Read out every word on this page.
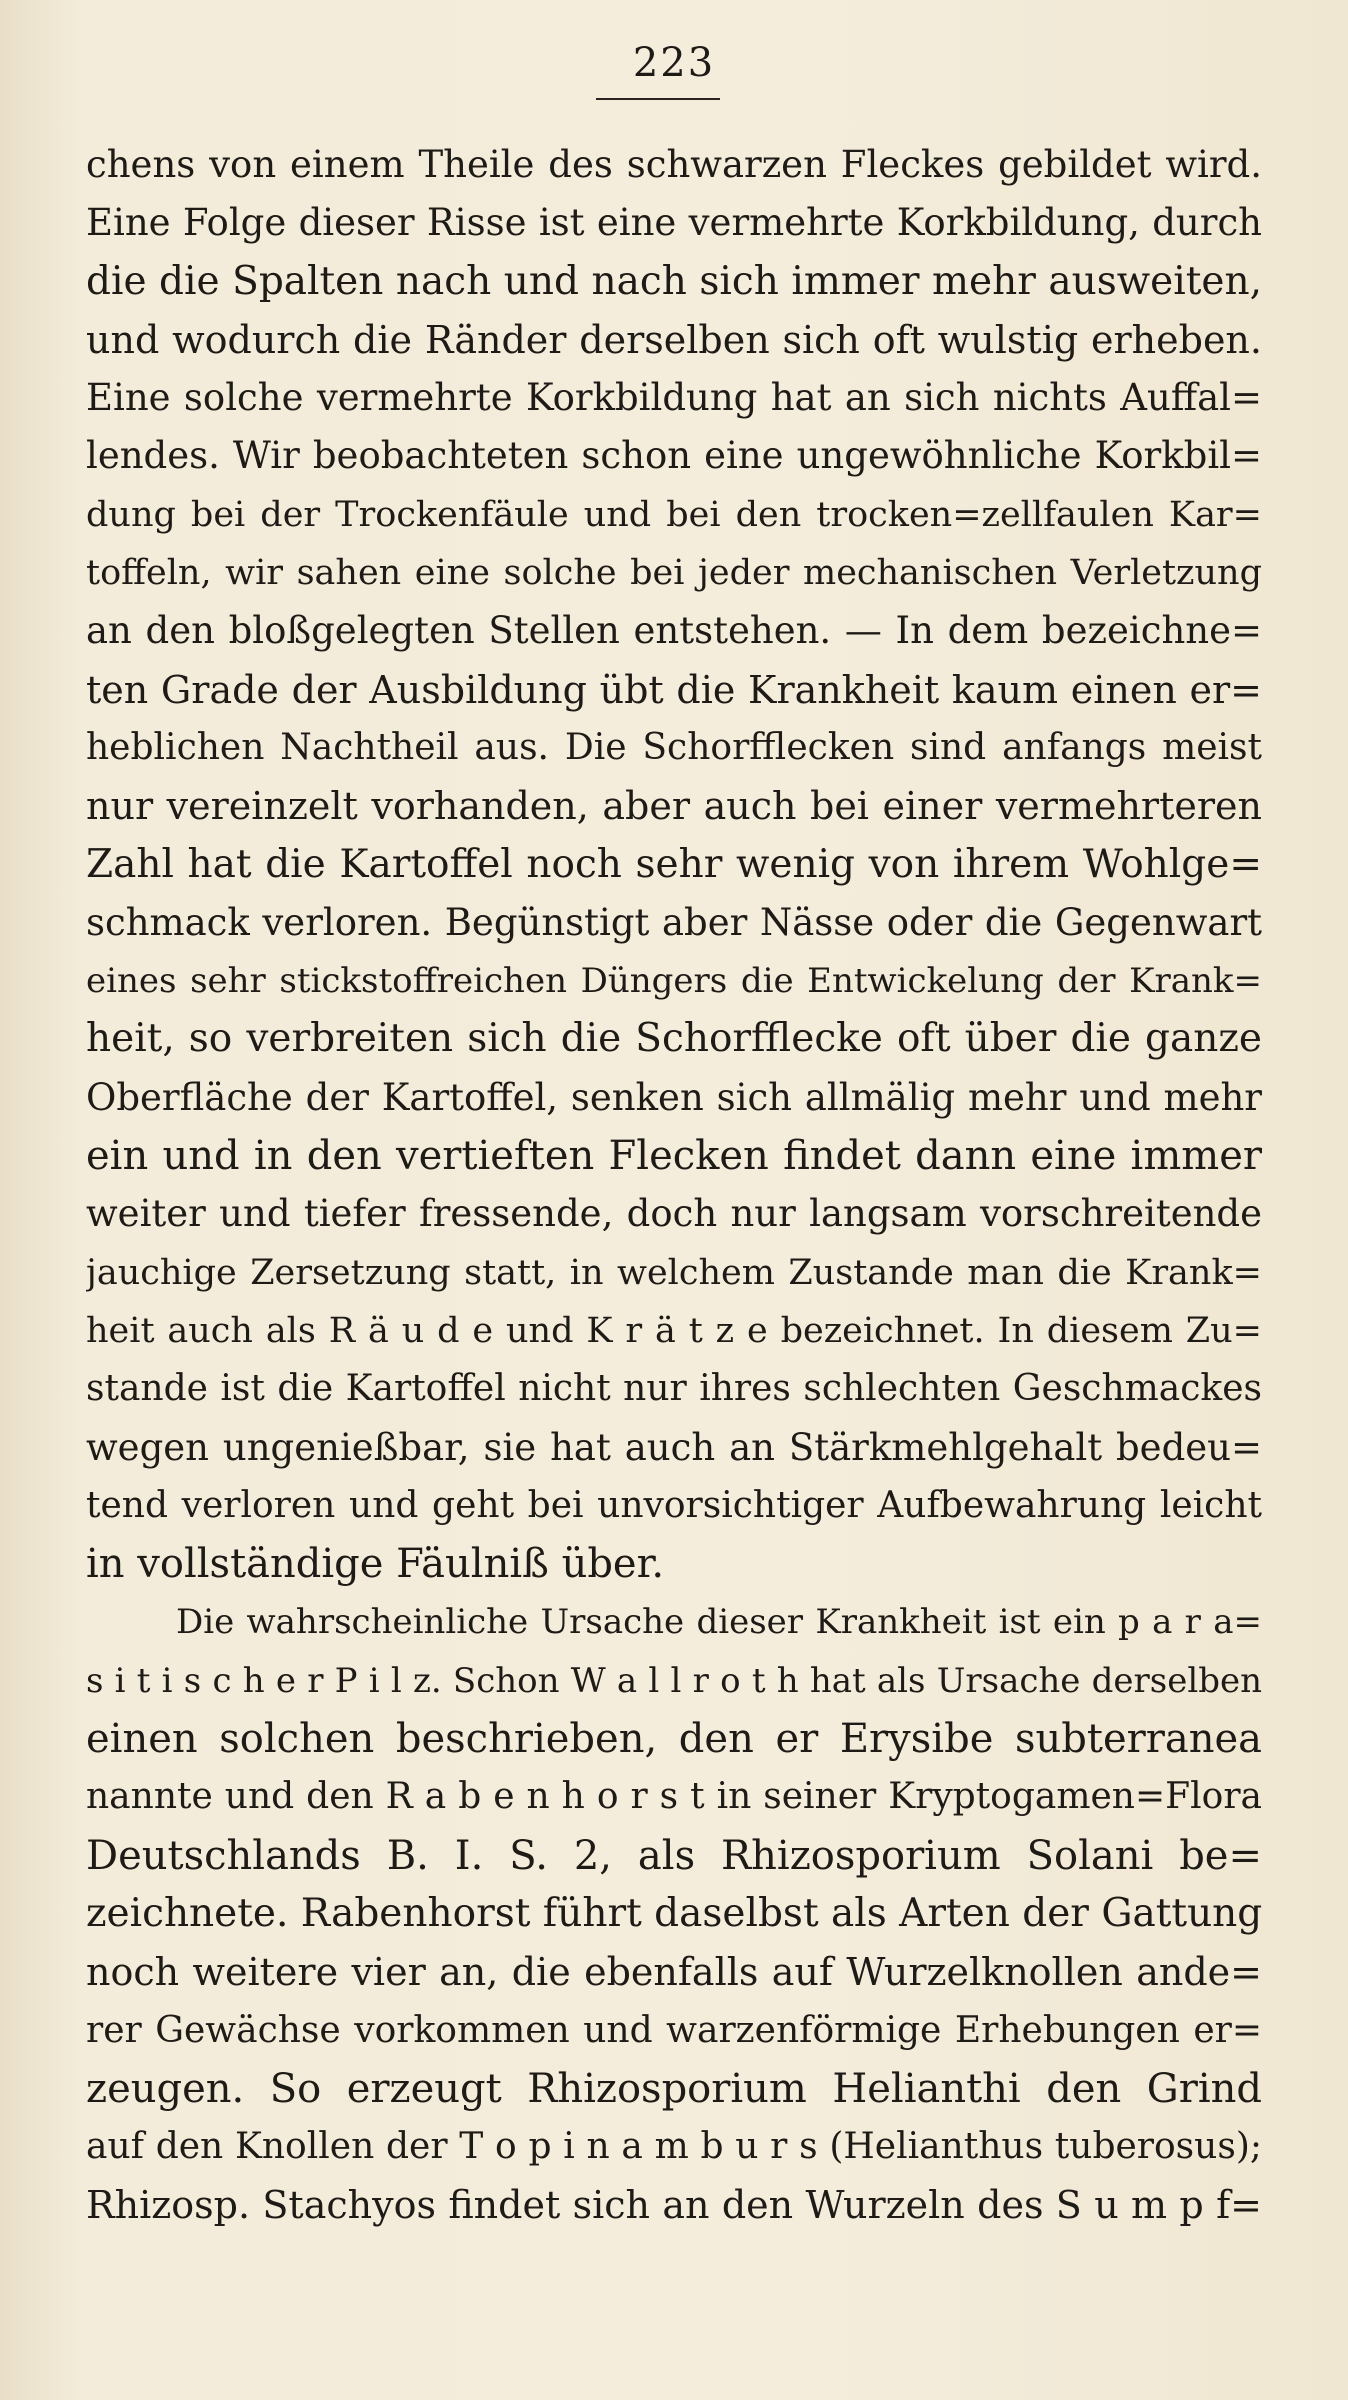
223
chens von einem Theile des schwarzen Fleckes gebildet wird.
Eine Folge dieser Risse ist eine vermehrte Korkbildung, durch
die die Spalten nach und nach sich immer mehr ausweiten,
und wodurch die Ränder derselben sich oft wulstig erheben.
Eine solche vermehrte Korkbildung hat an sich nichts Auffal=
lendes. Wir beobachteten schon eine ungewöhnliche Korkbil=
dung bei der Trockenfäule und bei den trocken=zellfaulen Kar=
toffeln, wir sahen eine solche bei jeder mechanischen Verletzung
an den bloßgelegten Stellen entstehen. — In dem bezeichne=
ten Grade der Ausbildung übt die Krankheit kaum einen er=
heblichen Nachtheil aus. Die Schorfflecken sind anfangs meist
nur vereinzelt vorhanden, aber auch bei einer vermehrteren
Zahl hat die Kartoffel noch sehr wenig von ihrem Wohlge=
schmack verloren. Begünstigt aber Nässe oder die Gegenwart
eines sehr stickstoffreichen Düngers die Entwickelung der Krank=
heit, so verbreiten sich die Schorfflecke oft über die ganze
Oberfläche der Kartoffel, senken sich allmälig mehr und mehr
ein und in den vertieften Flecken findet dann eine immer
weiter und tiefer fressende, doch nur langsam vorschreitende
jauchige Zersetzung statt, in welchem Zustande man die Krank=
heit auch als R ä u d e und K r ä t z e bezeichnet. In diesem Zu=
stande ist die Kartoffel nicht nur ihres schlechten Geschmackes
wegen ungenießbar, sie hat auch an Stärkmehlgehalt bedeu=
tend verloren und geht bei unvorsichtiger Aufbewahrung leicht
in vollständige Fäulniß über.
Die wahrscheinliche Ursache dieser Krankheit ist ein p a r a=
s i t i s c h e r P i l z. Schon W a l l r o t h hat als Ursache derselben
einen solchen beschrieben, den er Erysibe subterranea
nannte und den R a b e n h o r s t in seiner Kryptogamen=Flora
Deutschlands B. I. S. 2, als Rhizosporium Solani be=
zeichnete. Rabenhorst führt daselbst als Arten der Gattung
noch weitere vier an, die ebenfalls auf Wurzelknollen ande=
rer Gewächse vorkommen und warzenförmige Erhebungen er=
zeugen. So erzeugt Rhizosporium Helianthi den Grind
auf den Knollen der T o p i n a m b u r s (Helianthus tuberosus);
Rhizosp. Stachyos findet sich an den Wurzeln des S u m p f=
